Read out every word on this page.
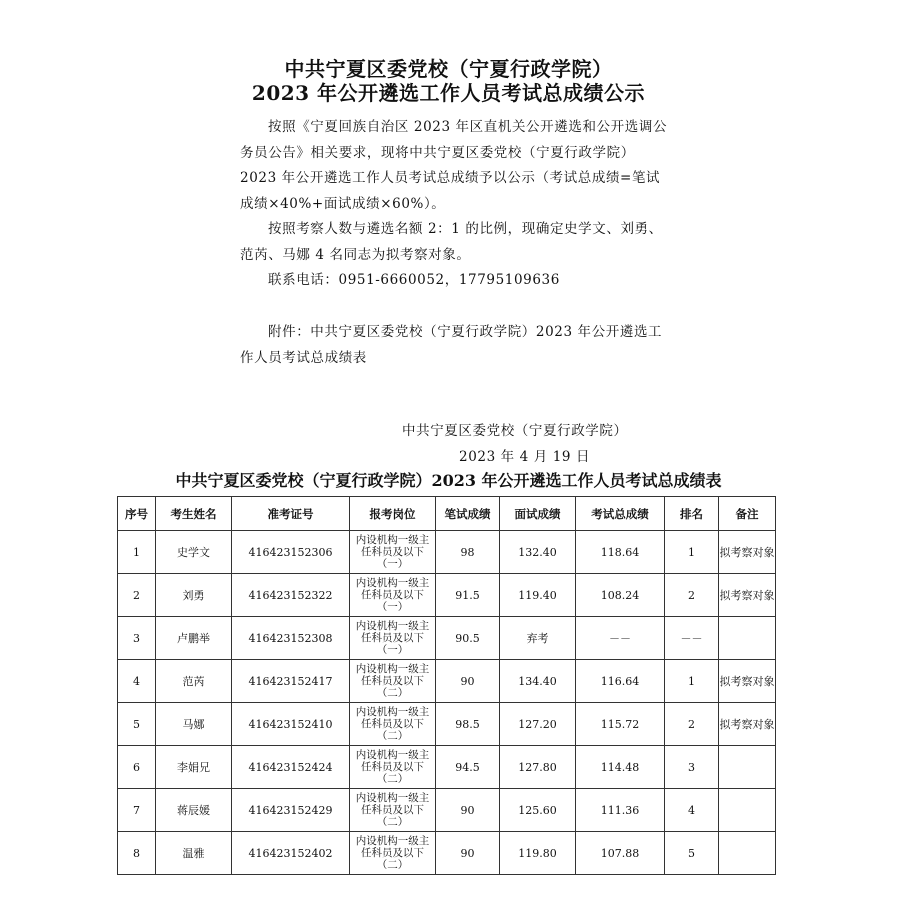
中共宁夏区委党校（宁夏行政学院）
2023 年公开遴选工作人员考试总成绩公示
按照《宁夏回族自治区 2023 年区直机关公开遴选和公开选调公务员公告》相关要求，现将中共宁夏区委党校（宁夏行政学院）2023 年公开遴选工作人员考试总成绩予以公示（考试总成绩=笔试成绩×40%+面试成绩×60%）。
按照考察人数与遴选名额 2：1 的比例，现确定史学文、刘勇、范芮、马娜 4 名同志为拟考察对象。
联系电话：0951-6660052，17795109636
附件：中共宁夏区委党校（宁夏行政学院）2023 年公开遴选工作人员考试总成绩表
中共宁夏区委党校（宁夏行政学院）
2023 年 4 月 19 日
中共宁夏区委党校（宁夏行政学院）2023 年公开遴选工作人员考试总成绩表
序号	考生姓名	准考证号	报考岗位	笔试成绩	面试成绩	考试总成绩	排名	备注
1	史学文	416423152306	内设机构一级主
任科员及以下
（一）	98	132.40	118.64	1	拟考察对象
2	刘勇	416423152322	内设机构一级主
任科员及以下
（一）	91.5	119.40	108.24	2	拟考察对象
3	卢鹏举	416423152308	内设机构一级主
任科员及以下
（一）	90.5	弃考	－－	－－	
4	范芮	416423152417	内设机构一级主
任科员及以下
（二）	90	134.40	116.64	1	拟考察对象
5	马娜	416423152410	内设机构一级主
任科员及以下
（二）	98.5	127.20	115.72	2	拟考察对象
6	李娟兄	416423152424	内设机构一级主
任科员及以下
（二）	94.5	127.80	114.48	3	
7	蒋辰媛	416423152429	内设机构一级主
任科员及以下
（二）	90	125.60	111.36	4	
8	温雅	416423152402	内设机构一级主
任科员及以下
（二）	90	119.80	107.88	5	
